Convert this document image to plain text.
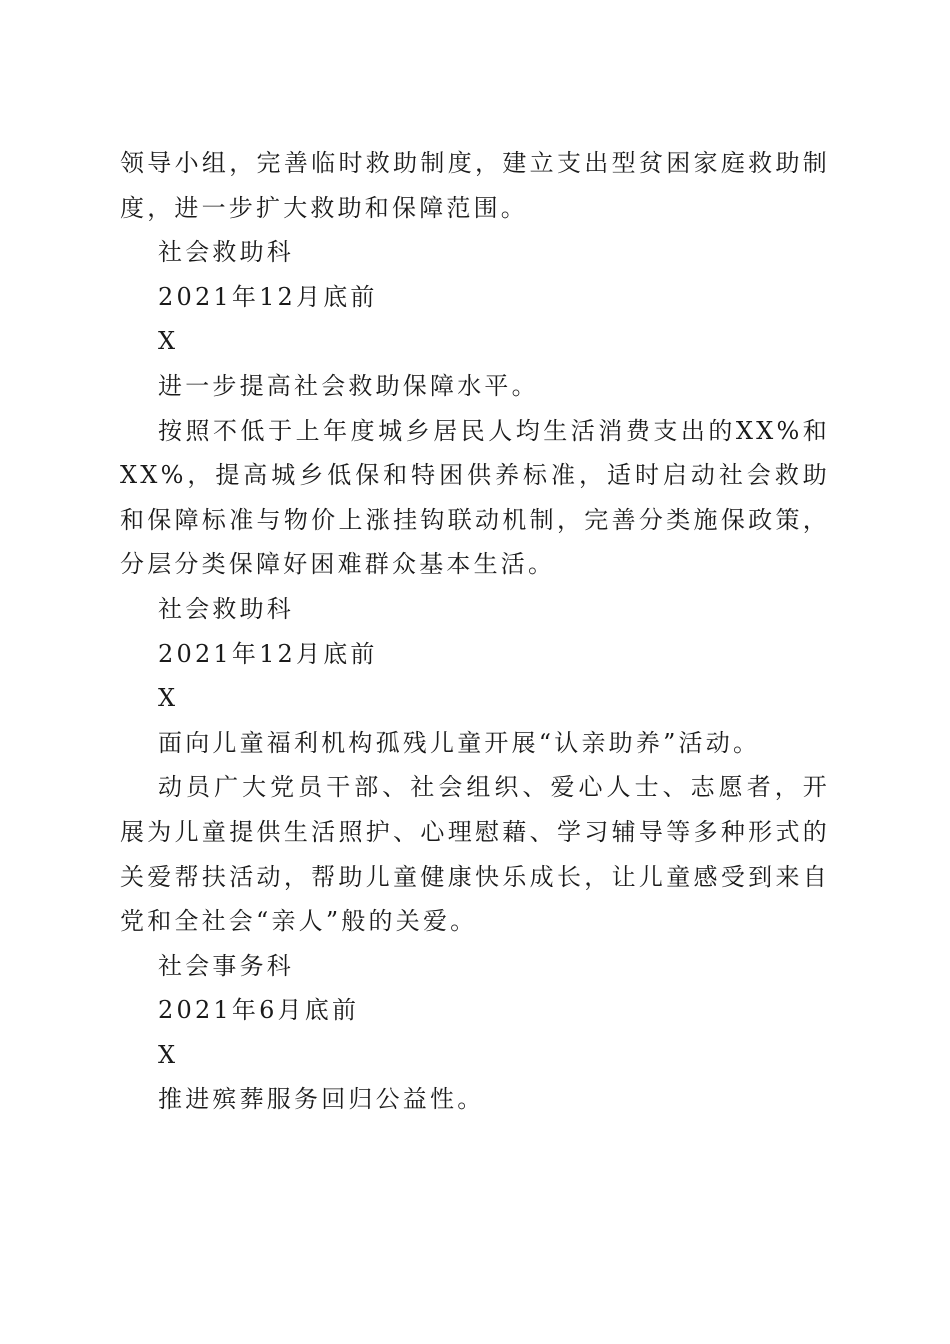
领导小组，完善临时救助制度，建立支出型贫困家庭救助制度，进一步扩大救助和保障范围。

社会救助科

2021年12月底前

X

进一步提高社会救助保障水平。

按照不低于上年度城乡居民人均生活消费支出的XX%和XX%，提高城乡低保和特困供养标准，适时启动社会救助和保障标准与物价上涨挂钩联动机制，完善分类施保政策，分层分类保障好困难群众基本生活。

社会救助科

2021年12月底前

X

面向儿童福利机构孤残儿童开展“认亲助养”活动。

动员广大党员干部、社会组织、爱心人士、志愿者，开展为儿童提供生活照护、心理慰藉、学习辅导等多种形式的关爱帮扶活动，帮助儿童健康快乐成长，让儿童感受到来自党和全社会“亲人”般的关爱。

社会事务科

2021年6月底前

X

推进殡葬服务回归公益性。
